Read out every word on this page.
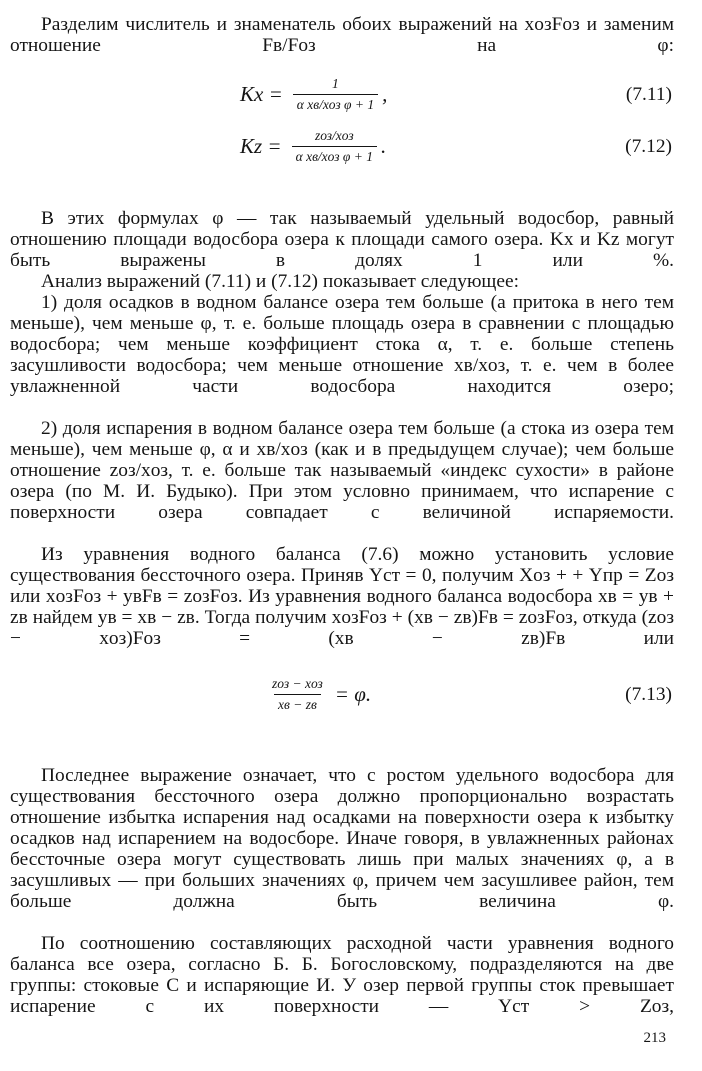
Разделим числитель и знаменатель обоих выражений на xозFоз и заменим отношение Fв/Fоз на φ:

$Kx = \frac{1}{\text{α xв/xоз φ + 1}}$ ,	(7.11)
$Kz = \frac{\text{zоз/xоз}}{\text{α xв/xоз φ + 1}}$ .	(7.12)

В этих формулах φ — так называемый удельный водосбор, равный отношению площади водосбора озера к площади самого озера. Kx и Kz могут быть выражены в долях 1 или %.

Анализ выражений (7.11) и (7.12) показывает следующее:

1) доля осадков в водном балансе озера тем больше (а притока в него тем меньше), чем меньше φ, т. е. больше площадь озера в сравнении с площадью водосбора; чем меньше коэффициент стока α, т. е. больше степень засушливости водосбора; чем меньше отношение xв/xоз, т. е. чем в более увлажненной части водосбора находится озеро;

2) доля испарения в водном балансе озера тем больше (а стока из озера тем меньше), чем меньше φ, α и xв/xоз (как и в предыдущем случае); чем больше отношение zоз/xоз, т. е. больше так называемый «индекс сухости» в районе озера (по М. И. Будыко). При этом условно принимаем, что испарение с поверхности озера совпадает с величиной испаряемости.

Из уравнения водного баланса (7.6) можно установить условие существования бессточного озера. Приняв Yст = 0, получим Xоз + + Yпр = Zоз или xозFоз + yвFв = zозFоз. Из уравнения водного баланса водосбора xв = yв + zв найдем yв = xв − zв. Тогда получим xозFоз + (xв − zв)Fв = zозFоз, откуда (zоз − xоз)Fоз = (xв − zв)Fв или

$\frac{\text{zоз − xоз}}{xв - zв} = \varphi$.	(7.13)

Последнее выражение означает, что с ростом удельного водосбора для существования бессточного озера должно пропорционально возрастать отношение избытка испарения над осадками на поверхности озера к избытку осадков над испарением на водосборе. Иначе говоря, в увлажненных районах бессточные озера могут существовать лишь при малых значениях φ, а в засушливых — при больших значениях φ, причем чем засушливее район, тем больше должна быть величина φ.

По соотношению составляющих расходной части уравнения водного баланса все озера, согласно Б. Б. Богословскому, подразделяются на две группы: стоковые С и испаряющие И. У озер первой группы сток превышает испарение с их поверхности — Yст > Zоз,

213
